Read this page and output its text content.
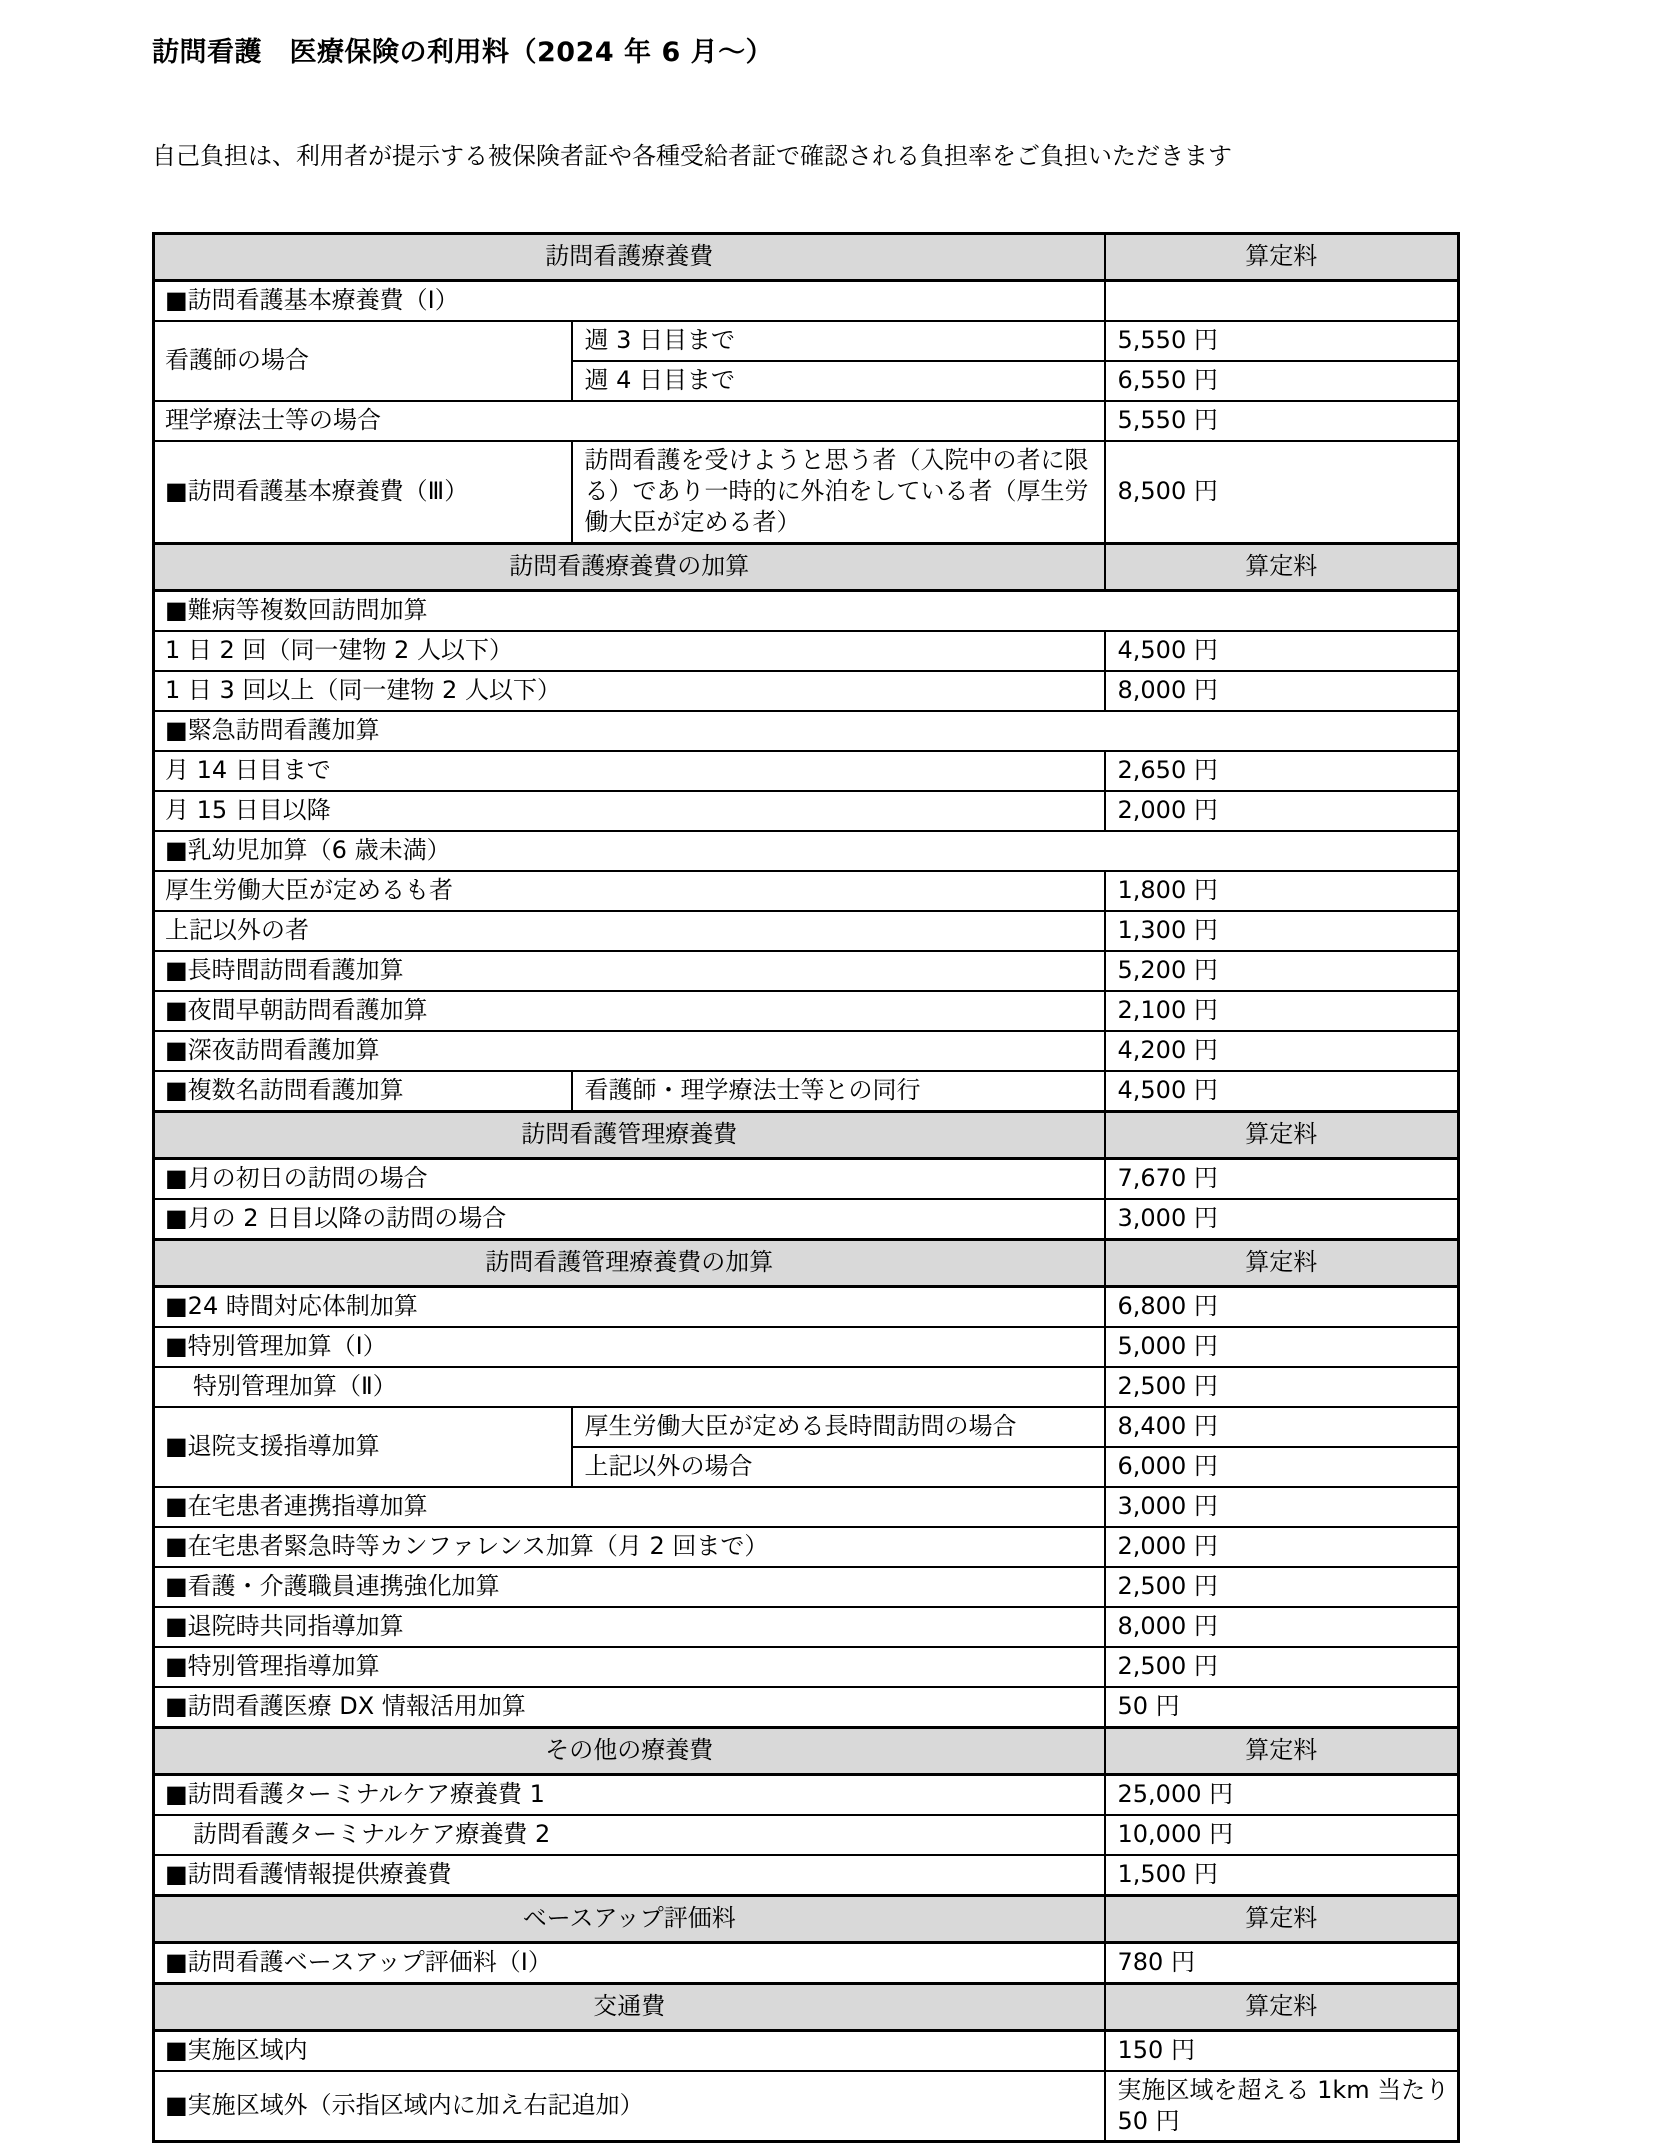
訪問看護　医療保険の利用料（2024 年 6 月～）
自己負担は、利用者が提示する被保険者証や各種受給者証で確認される負担率をご負担いただきます
訪問看護療養費		算定料
■訪問看護基本療養費（Ⅰ）		
看護師の場合	週 3 日目まで	5,550 円
	週 4 日目まで	6,550 円
理学療法士等の場合		5,550 円
■訪問看護基本療養費（Ⅲ）	訪問看護を受けようと思う者（入院中の者に限る）であり一時的に外泊をしている者（厚生労働大臣が定める者）	8,500 円
訪問看護療養費の加算		算定料
■難病等複数回訪問加算		
1 日 2 回（同一建物 2 人以下）		4,500 円
1 日 3 回以上（同一建物 2 人以下）		8,000 円
■緊急訪問看護加算		
月 14 日目まで		2,650 円
月 15 日目以降		2,000 円
■乳幼児加算（6 歳未満）		
厚生労働大臣が定めるも者		1,800 円
上記以外の者		1,300 円
■長時間訪問看護加算		5,200 円
■夜間早朝訪問看護加算		2,100 円
■深夜訪問看護加算		4,200 円
■複数名訪問看護加算	看護師・理学療法士等との同行	4,500 円
訪問看護管理療養費		算定料
■月の初日の訪問の場合		7,670 円
■月の 2 日目以降の訪問の場合		3,000 円
訪問看護管理療養費の加算		算定料
■24 時間対応体制加算		6,800 円
■特別管理加算（Ⅰ）		5,000 円
特別管理加算（Ⅱ）		2,500 円
■退院支援指導加算	厚生労働大臣が定める長時間訪問の場合	8,400 円
	上記以外の場合	6,000 円
■在宅患者連携指導加算		3,000 円
■在宅患者緊急時等カンファレンス加算（月 2 回まで）		2,000 円
■看護・介護職員連携強化加算		2,500 円
■退院時共同指導加算		8,000 円
■特別管理指導加算		2,500 円
■訪問看護医療 DX 情報活用加算		50 円
その他の療養費		算定料
■訪問看護ターミナルケア療養費 1		25,000 円
訪問看護ターミナルケア療養費 2		10,000 円
■訪問看護情報提供療養費		1,500 円
ベースアップ評価料		算定料
■訪問看護ベースアップ評価料（Ⅰ）		780 円
交通費		算定料
■実施区域内		150 円
■実施区域外（示指区域内に加え右記追加）		実施区域を超える 1km 当たり 50 円
